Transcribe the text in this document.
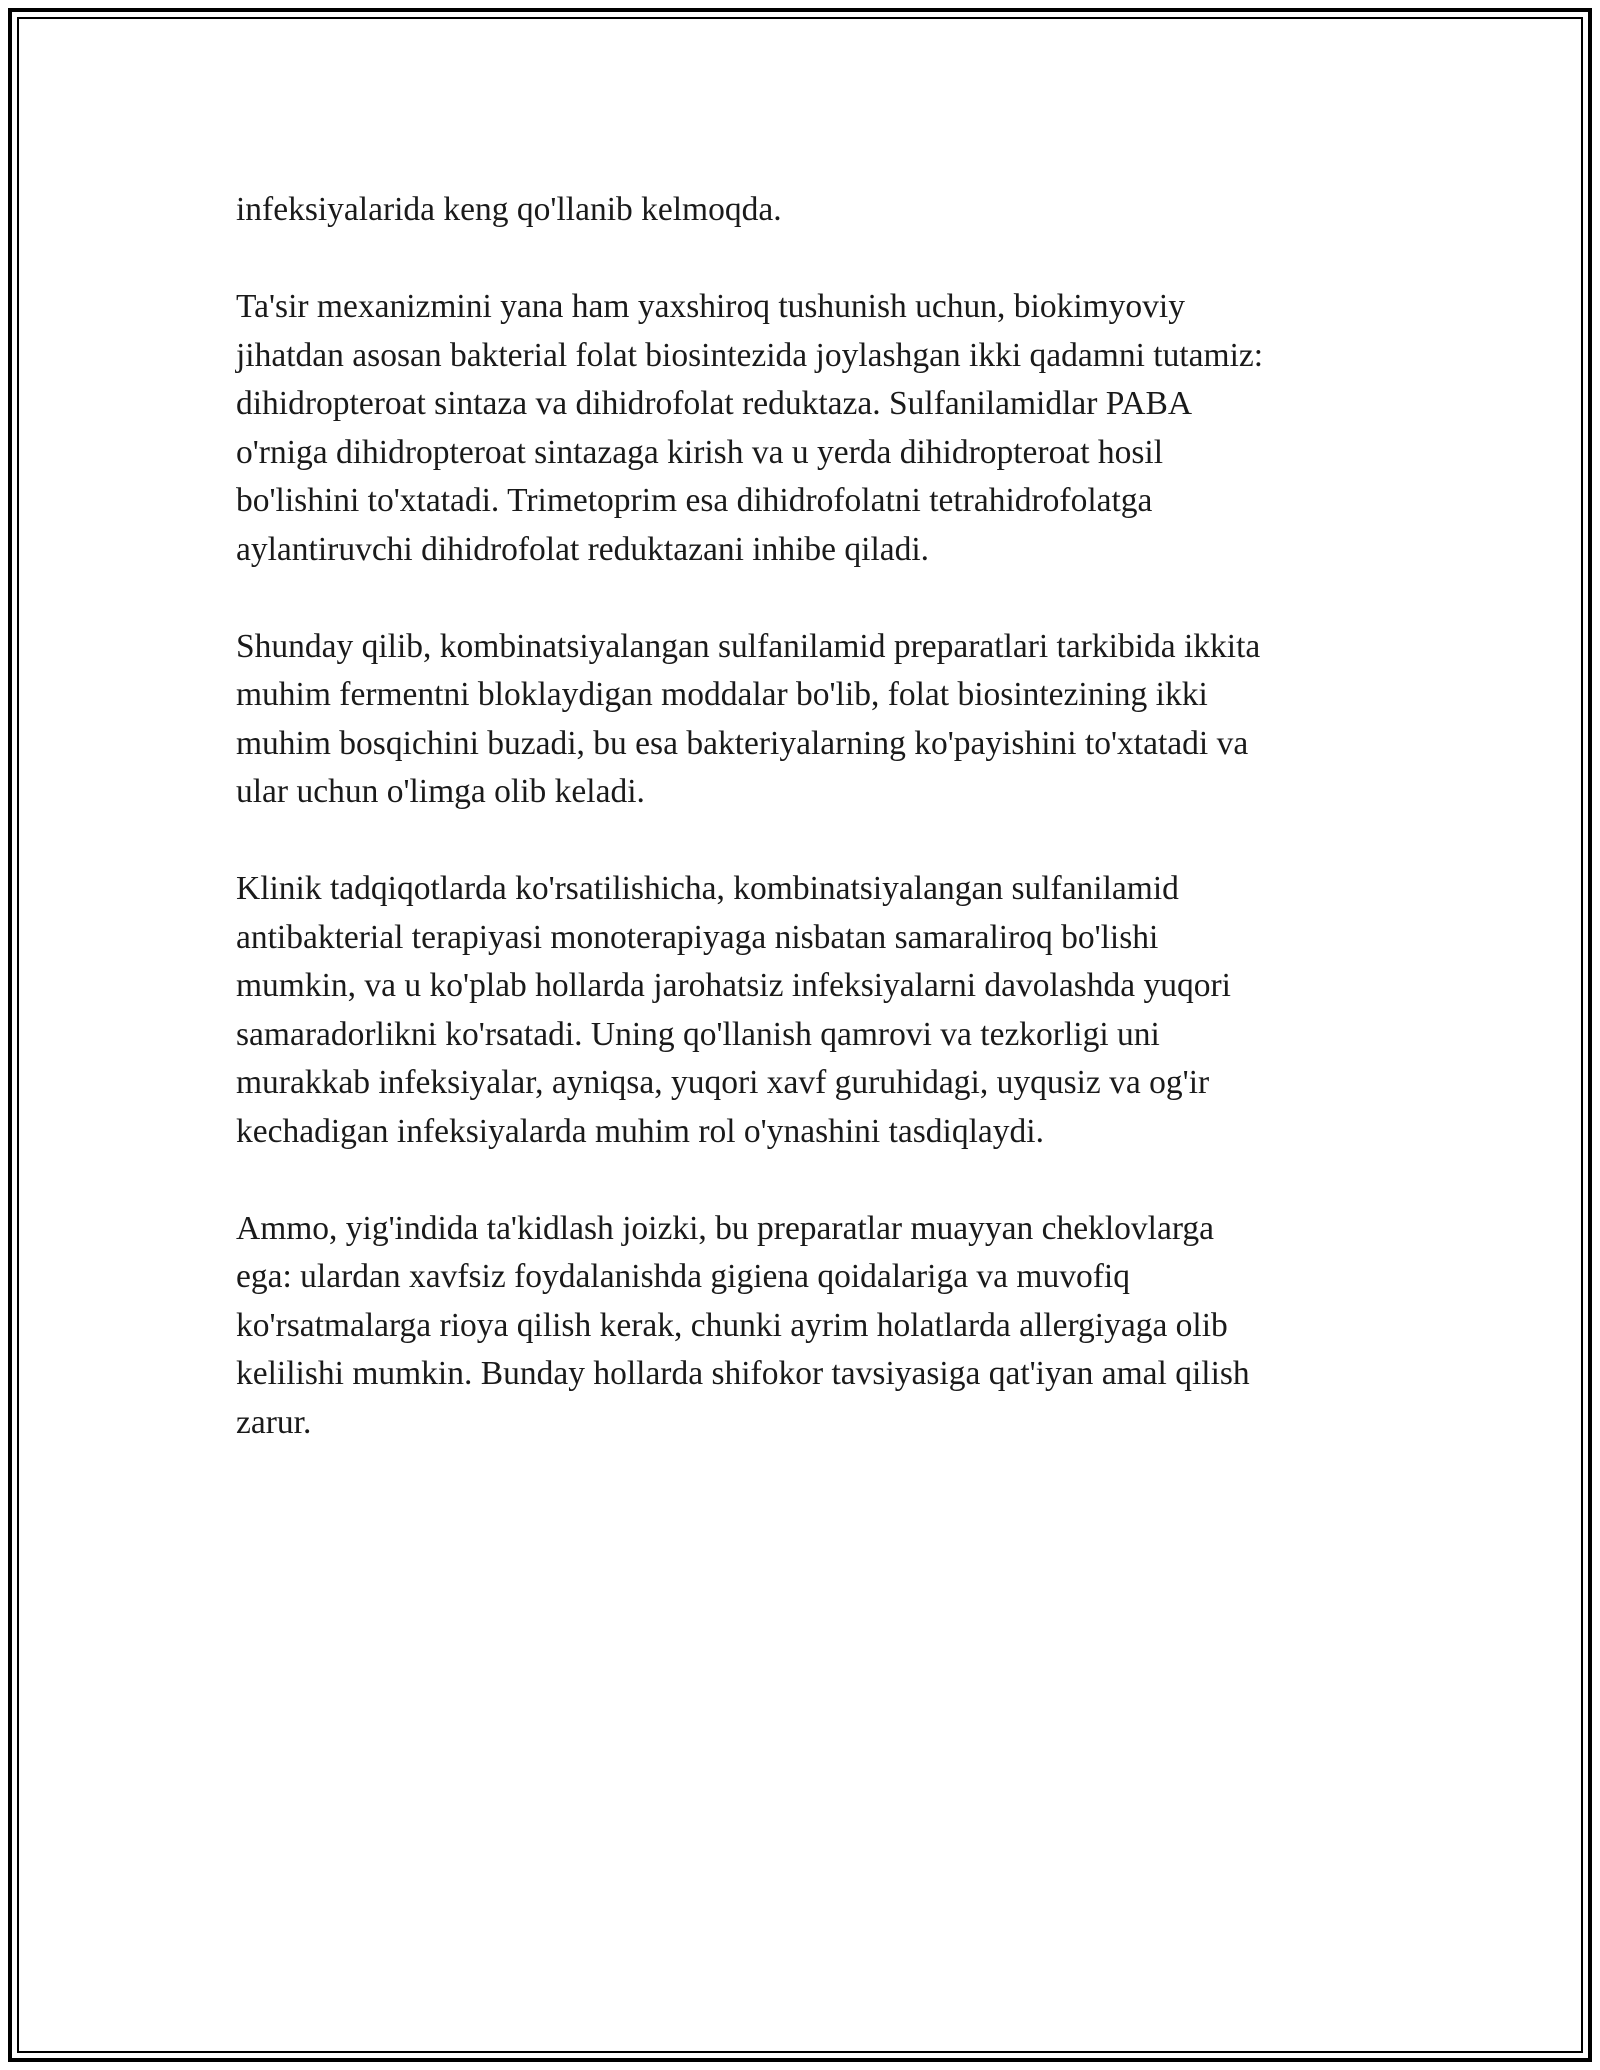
infeksiyalarida keng qo'llanib kelmoqda.

Ta'sir mexanizmini yana ham yaxshiroq tushunish uchun, biokimyoviy
jihatdan asosan bakterial folat biosintezida joylashgan ikki qadamni tutamiz:
dihidropteroat sintaza va dihidrofolat reduktaza. Sulfanilamidlar PABA
o'rniga dihidropteroat sintazaga kirish va u yerda dihidropteroat hosil
bo'lishini to'xtatadi. Trimetoprim esa dihidrofolatni tetrahidrofolatga
aylantiruvchi dihidrofolat reduktazani inhibe qiladi.

Shunday qilib, kombinatsiyalangan sulfanilamid preparatlari tarkibida ikkita
muhim fermentni bloklaydigan moddalar bo'lib, folat biosintezining ikki
muhim bosqichini buzadi, bu esa bakteriyalarning ko'payishini to'xtatadi va
ular uchun o'limga olib keladi.

Klinik tadqiqotlarda ko'rsatilishicha, kombinatsiyalangan sulfanilamid
antibakterial terapiyasi monoterapiyaga nisbatan samaraliroq bo'lishi
mumkin, va u ko'plab hollarda jarohatsiz infeksiyalarni davolashda yuqori
samaradorlikni ko'rsatadi. Uning qo'llanish qamrovi va tezkorligi uni
murakkab infeksiyalar, ayniqsa, yuqori xavf guruhidagi, uyqusiz va og'ir
kechadigan infeksiyalarda muhim rol o'ynashini tasdiqlaydi.

Ammo, yig'indida ta'kidlash joizki, bu preparatlar muayyan cheklovlarga
ega: ulardan xavfsiz foydalanishda gigiena qoidalariga va muvofiq
ko'rsatmalarga rioya qilish kerak, chunki ayrim holatlarda allergiyaga olib
kelilishi mumkin. Bunday hollarda shifokor tavsiyasiga qat'iyan amal qilish
zarur.
